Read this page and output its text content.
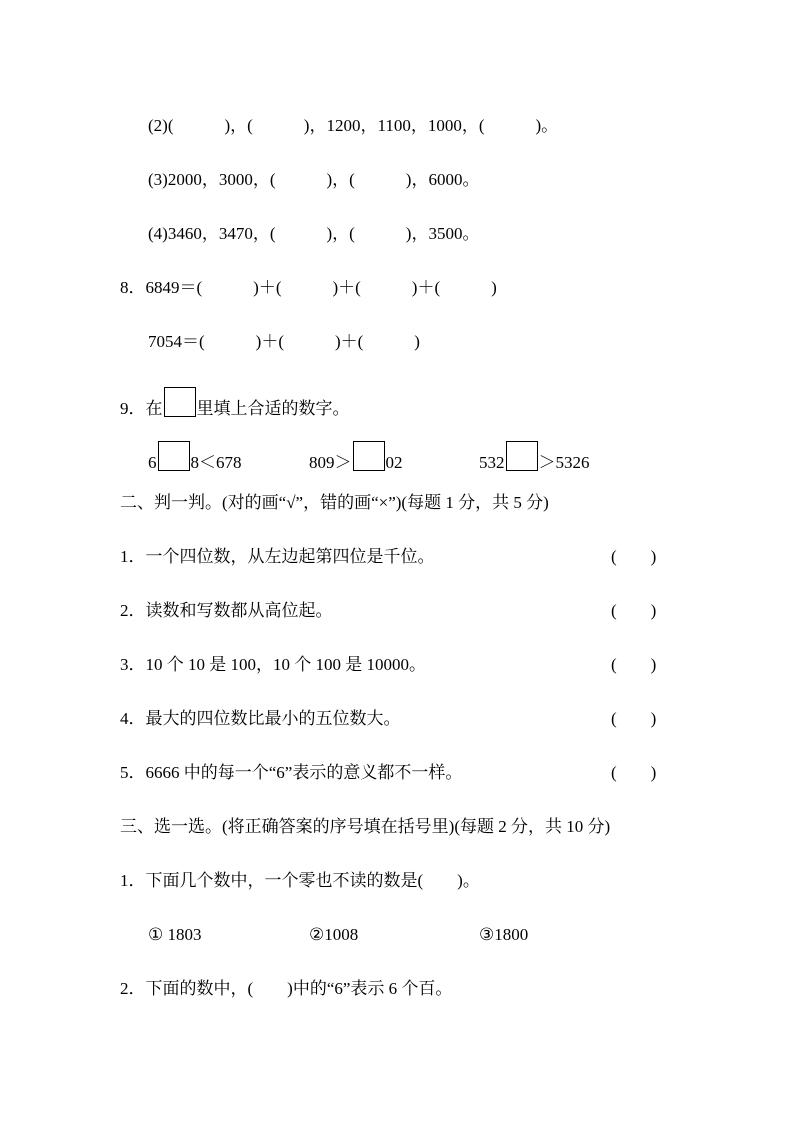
(2)(            )，(            )，1200，1100，1000，(            )。
(3)2000，3000，(            )，(            )，6000。
(4)3460，3470，(            )，(            )，3500。
8．6849＝(            )＋(            )＋(            )＋(            )
7054＝(            )＋(            )＋(            )
9．在 里填上合适的数字。
6 8＜678	809＞ 02	532 ＞5326
二、判一判。(对的画“√”，错的画“×”)(每题 1 分，共 5 分)
1．一个四位数，从左边起第四位是千位。	(        )
2．读数和写数都从高位起。	(        )
3．10 个 10 是 100，10 个 100 是 10000。	(        )
4．最大的四位数比最小的五位数大。	(        )
5．6666 中的每一个“6”表示的意义都不一样。	(        )
三、选一选。(将正确答案的序号填在括号里)(每题 2 分，共 10 分)
1．下面几个数中，一个零也不读的数是(        )。
① 1803	②1008	③1800
2．下面的数中，(        )中的“6”表示 6 个百。
